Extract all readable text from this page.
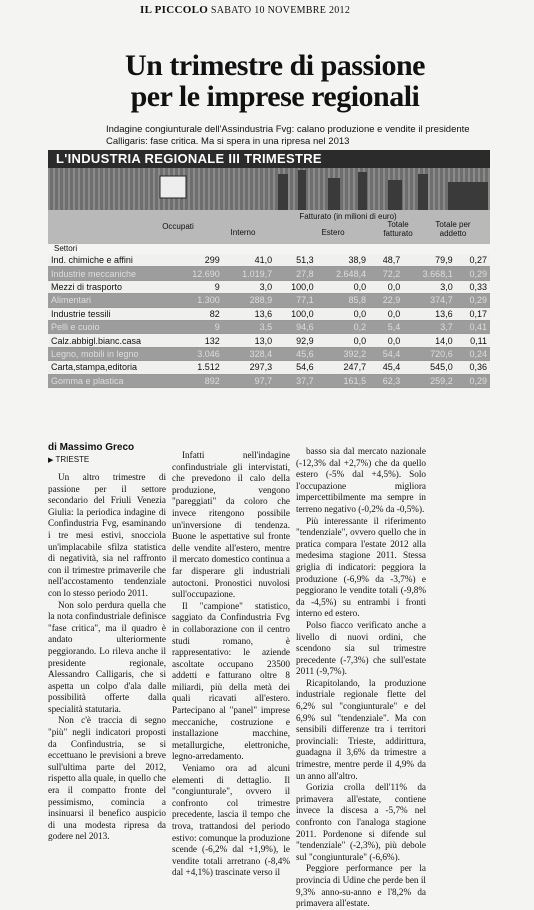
IL PICCOLO SABATO 10 NOVEMBRE 2012
Un trimestre di passione
per le imprese regionali
Indagine congiunturale dell'Assindustria Fvg: calano produzione e vendite il presidente Calligaris: fase critica. Ma si spera in una ripresa nel 2013
L'INDUSTRIA REGIONALE III TRIMESTRE
Settori
Occupati
Fatturato (in milioni di euro)
Interno	Estero
Totale fatturato
Totale per addetto
Ind. chimiche e affini	299	41,0	51,3	38,9	48,7	79,9	0,27
Industrie meccaniche	12.690	1.019,7	27,8	2.648,4	72,2	3.668,1	0,29
Mezzi di trasporto	9	3,0	100,0	0,0	0,0	3,0	0,33
Alimentari	1.300	288,9	77,1	85,8	22,9	374,7	0,29
Industrie tessili	82	13,6	100,0	0,0	0,0	13,6	0,17
Pelli e cuoio	9	3,5	94,6	0,2	5,4	3,7	0,41
Calz.abbigl.bianc.casa	132	13,0	92,9	0,0	0,0	14,0	0,11
Legno, mobili in legno	3.046	328,4	45,6	392,2	54,4	720,6	0,24
Carta,stampa,editoria	1.512	297,3	54,6	247,7	45,4	545,0	0,36
Gomma e plastica	892	97,7	37,7	161,5	62,3	259,2	0,29
di Massimo Greco
▶ TRIESTE

Un altro trimestre di passione per il settore secondario del Friuli Venezia Giulia: la periodica indagine di Confindustria Fvg, esaminando i tre mesi estivi, snocciola un'implacabile sfilza statistica di negatività, sia nel raffronto con il trimestre primaverile che nell'accostamento tendenziale con lo stesso periodo 2011.

Non solo perdura quella che la nota confindustriale definisce "fase critica", ma il quadro è andato ulteriormente peggiorando. Lo rileva anche il presidente regionale, Alessandro Calligaris, che si aspetta un colpo d'ala dalle possibilità offerte dalla specialità statutaria.

Non c'è traccia di segno "più" negli indicatori proposti da Confindustria, se si eccettuano le previsioni a breve sull'ultima parte del 2012, rispetto alla quale, in quello che era il compatto fronte del pessimismo, comincia a insinuarsi il benefico auspicio di una modesta ripresa da godere nel 2013.

Infatti nell'indagine confindustriale gli intervistati, che prevedono il calo della produzione, vengono "pareggiati" da coloro che invece ritengono possibile un'inversione di tendenza. Buone le aspettative sul fronte delle vendite all'estero, mentre il mercato domestico continua a far disperare gli industriali autoctoni. Pronostici nuvolosi sull'occupazione.

Il "campione" statistico, saggiato da Confindustria Fvg in collaborazione con il centro studi romano, è rappresentativo: le aziende ascoltate occupano 23500 addetti e fatturano oltre 8 miliardi, più della metà dei quali ricavati all'estero. Partecipano al "panel" imprese meccaniche, costruzione e installazione macchine, metallurgiche, elettroniche, legno-arredamento.

Veniamo ora ad alcuni elementi di dettaglio. Il "congiunturale", ovvero il confronto col trimestre precedente, lascia il tempo che trova, trattandosi del periodo estivo: comunque la produzione scende (-6,2% dal +1,9%), le vendite totali arretrano (-8,4% dal +4,1%) trascinate verso il

basso sia dal mercato nazionale (-12,3% dal +2,7%) che da quello estero (-5% dal +4,5%). Solo l'occupazione migliora impercettibilmente ma sempre in terreno negativo (-0,2% da -0,5%).

Più interessante il riferimento "tendenziale", ovvero quello che in pratica compara l'estate 2012 alla medesima stagione 2011. Stessa griglia di indicatori: peggiora la produzione (-6,9% da -3,7%) e peggiorano le vendite totali (-9,8% da -4,5%) su entrambi i fronti interno ed estero.

Polso fiacco verificato anche a livello di nuovi ordini, che scendono sia sul trimestre precedente (-7,3%) che sull'estate 2011 (-9,7%).

Ricapitolando, la produzione industriale regionale flette del 6,2% sul "congiunturale" e del 6,9% sul "tendenziale". Ma con sensibili differenze tra i territori provinciali: Trieste, addirittura, guadagna il 3,6% da trimestre a trimestre, mentre perde il 4,9% da un anno all'altro.

Gorizia crolla dell'11% da primavera all'estate, contiene invece la discesa a -5,7% nel confronto con l'analoga stagione 2011. Pordenone si difende sul "tendenziale" (-2,3%), più debole sul "congiunturale" (-6,6%).

Peggiore performance per la provincia di Udine che perde ben il 9,3% anno-su-anno e l'8,2% da primavera all'estate.
